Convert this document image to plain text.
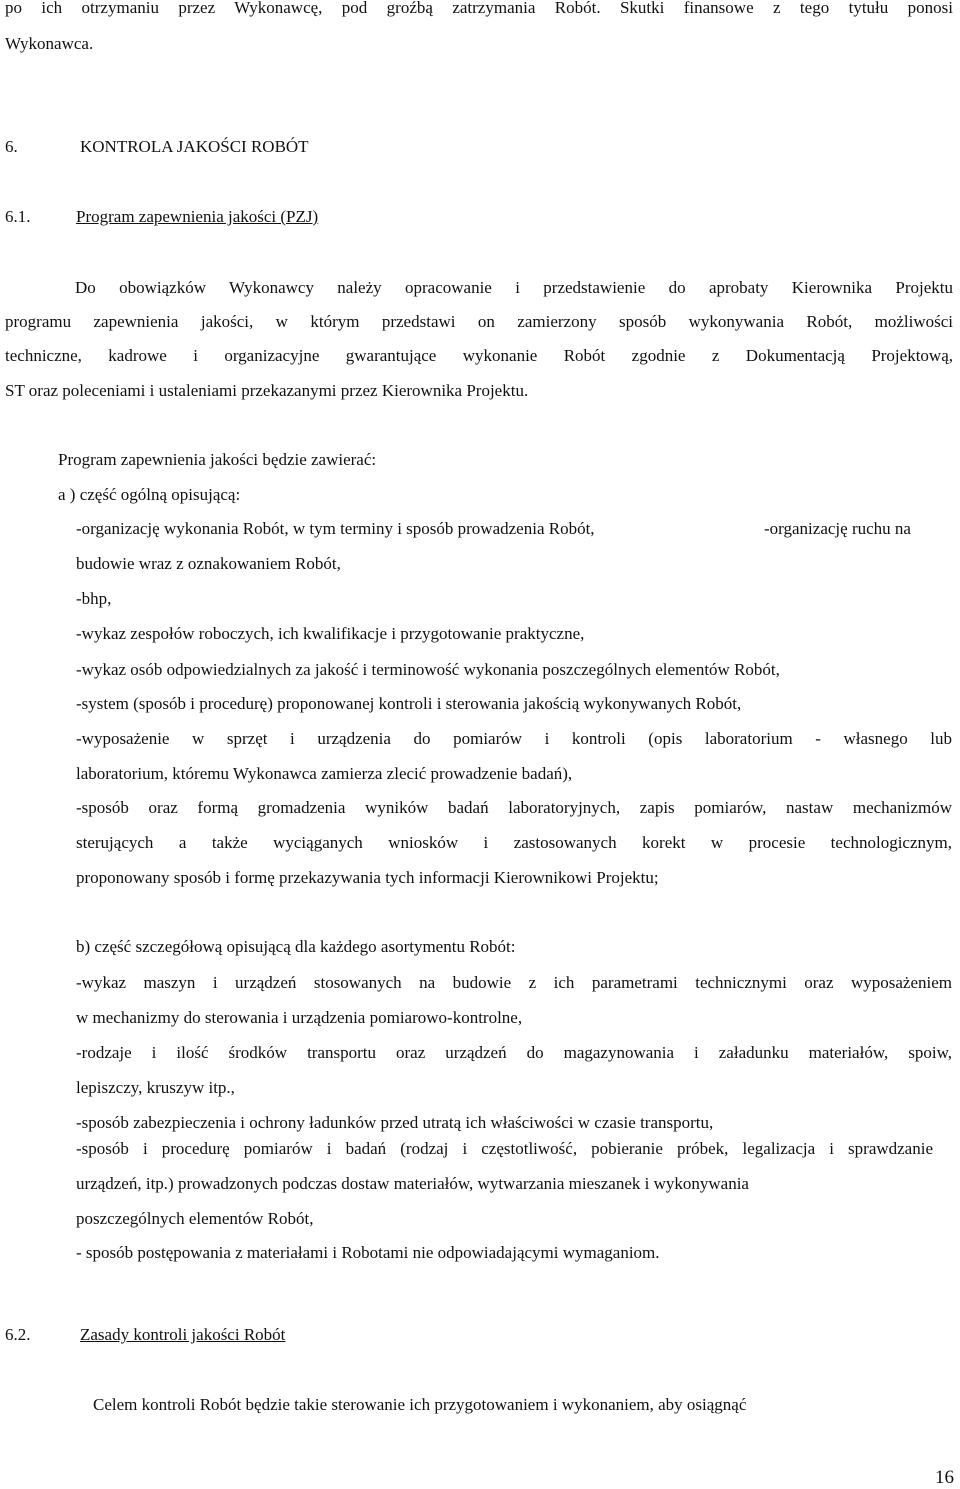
po ich otrzymaniu przez Wykonawcę, pod groźbą zatrzymania Robót. Skutki finansowe z tego tytułu ponosi
Wykonawca.
6.	KONTROLA JAKOŚCI ROBÓT
6.1.	Program zapewnienia jakości (PZJ)
Do obowiązków Wykonawcy należy opracowanie i przedstawienie do aprobaty Kierownika Projektu
programu zapewnienia jakości, w którym przedstawi on zamierzony sposób wykonywania Robót, możliwości
techniczne, kadrowe i organizacyjne gwarantujące wykonanie Robót zgodnie z Dokumentacją Projektową,
ST oraz poleceniami i ustaleniami przekazanymi przez Kierownika Projektu.
Program zapewnienia jakości będzie zawierać:
a ) część ogólną opisującą:
-organizację wykonania Robót, w tym terminy i sposób prowadzenia Robót,	-organizację ruchu na
budowie wraz z oznakowaniem Robót,
-bhp,
-wykaz zespołów roboczych, ich kwalifikacje i przygotowanie praktyczne,
-wykaz osób odpowiedzialnych za jakość i terminowość wykonania poszczególnych elementów Robót,
-system (sposób i procedurę) proponowanej kontroli i sterowania jakością wykonywanych Robót,
-wyposażenie w sprzęt i urządzenia do pomiarów i kontroli (opis laboratorium - własnego lub
laboratorium, któremu Wykonawca zamierza zlecić prowadzenie badań),
-sposób oraz formą gromadzenia wyników badań laboratoryjnych, zapis pomiarów, nastaw mechanizmów
sterujących a także wyciąganych wniosków i zastosowanych korekt w procesie technologicznym,
proponowany sposób i formę przekazywania tych informacji Kierownikowi Projektu;
b) część szczegółową opisującą dla każdego asortymentu Robót:
-wykaz maszyn i urządzeń stosowanych na budowie z ich parametrami technicznymi oraz wyposażeniem
w mechanizmy do sterowania i urządzenia pomiarowo-kontrolne,
-rodzaje i ilość środków transportu oraz urządzeń do magazynowania i załadunku materiałów, spoiw,
lepiszczy, kruszyw itp.,
-sposób zabezpieczenia i ochrony ładunków przed utratą ich właściwości w czasie transportu,
-sposób i procedurę pomiarów i badań (rodzaj i częstotliwość, pobieranie próbek, legalizacja i sprawdzanie
urządzeń, itp.) prowadzonych podczas dostaw materiałów, wytwarzania mieszanek i wykonywania
poszczególnych elementów Robót,
- sposób postępowania z materiałami i Robotami nie odpowiadającymi wymaganiom.
6.2.	Zasady kontroli jakości Robót
Celem kontroli Robót będzie takie sterowanie ich przygotowaniem i wykonaniem, aby osiągnąć
16
